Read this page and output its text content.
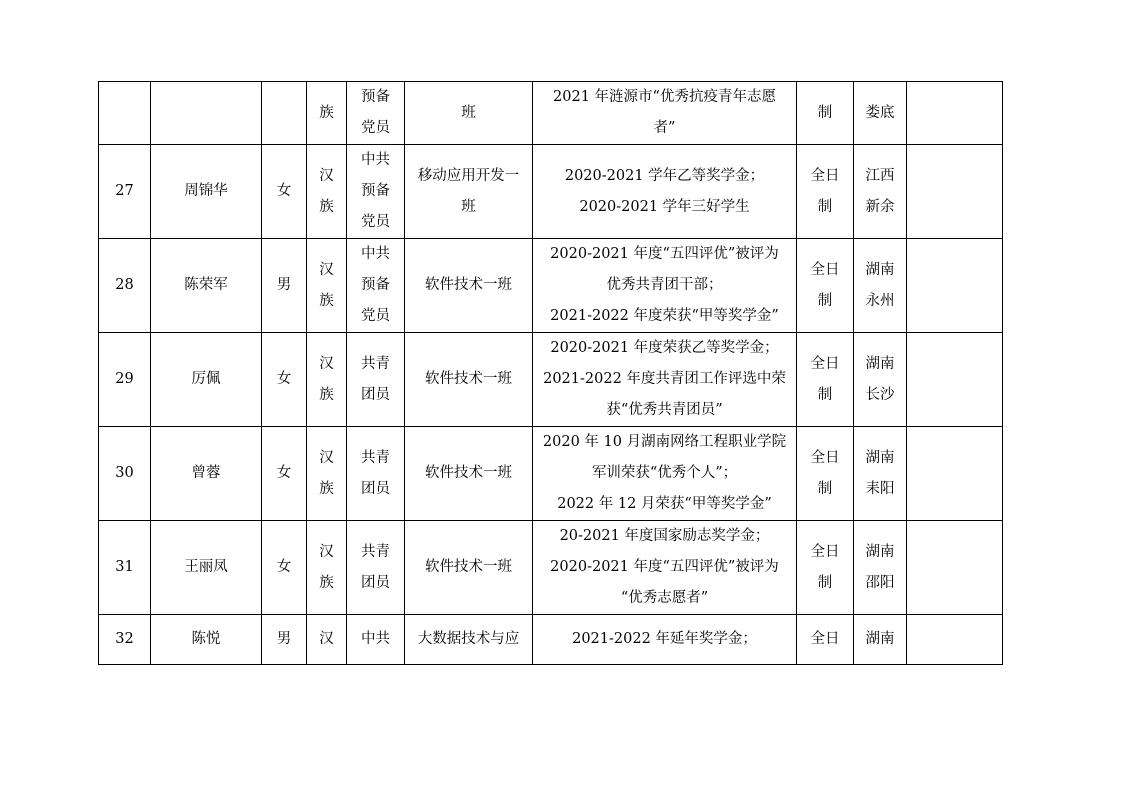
			族	预备
党员	班	2021 年涟源市“优秀抗疫青年志愿
者”	制	娄底	

27	周锦华	女	汉
族	中共
预备
党员	移动应用开发一
班	2020-2021 学年乙等奖学金；
2020-2021 学年三好学生	全日
制	江西
新余	

28	陈荣军	男	汉
族	中共
预备
党员	软件技术一班	2020-2021 年度“五四评优”被评为
优秀共青团干部；
2021-2022 年度荣获“甲等奖学金”	全日
制	湖南
永州	

29	厉佩	女	汉
族	共青
团员	软件技术一班	2020-2021 年度荣获乙等奖学金；
2021-2022 年度共青团工作评选中荣
获“优秀共青团员”	全日
制	湖南
长沙	

30	曾蓉	女	汉
族	共青
团员	软件技术一班	2020 年 10 月湖南网络工程职业学院
军训荣获“优秀个人”；
2022 年 12 月荣获“甲等奖学金”	全日
制	湖南
耒阳	

31	王丽凤	女	汉
族	共青
团员	软件技术一班	20-2021 年度国家励志奖学金；
2020-2021 年度“五四评优”被评为
“优秀志愿者”	全日
制	湖南
邵阳	

32	陈悦	男	汉	中共	大数据技术与应	2021-2022 年延年奖学金；	全日	湖南	
